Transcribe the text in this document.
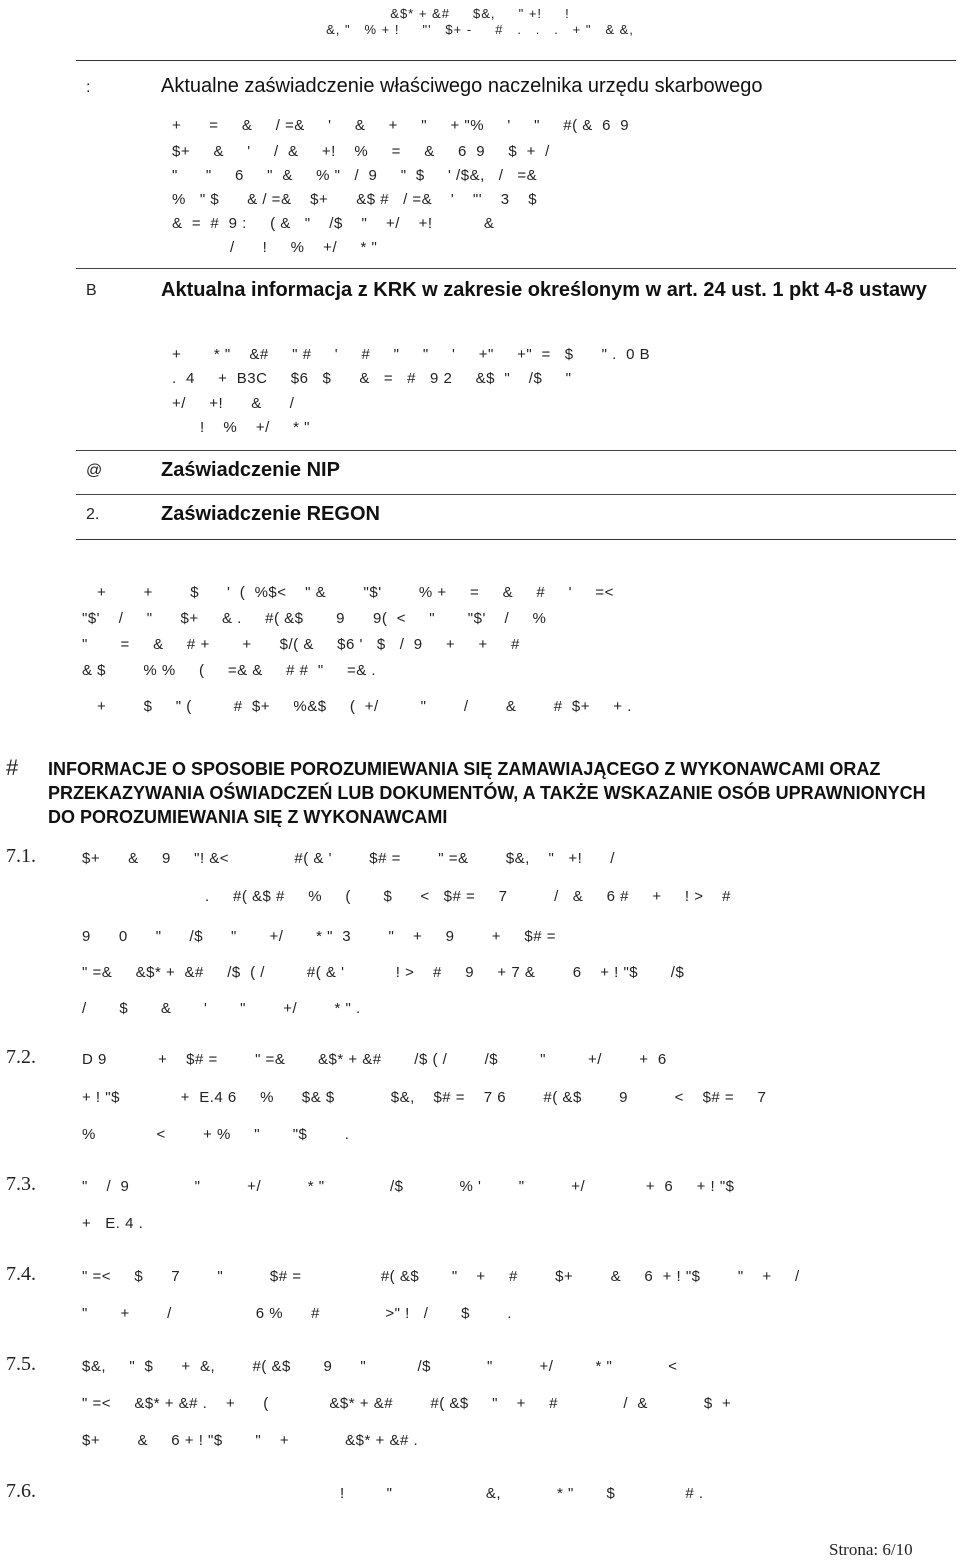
&$* + &#     $&,     " +!     !
&, "   % + !     "'   $+ -     #   .   .   .   + "   & &,
:	Aktualne zaświadczenie właściwego naczelnika urzędu skarbowego
+      =     &     / =&     '     &     +     "     + "%     '     "     #( &  6  9
$+     &     '     /  &     +!    %     =     &     6  9     $  +  /
"      "     6     "  &     % "   /  9     "  $     ' /$&,   /   =&
%   " $      & / =&    $+      &$ #   / =&    '    "'    3    $
&  =  #  9 :     ( &   "    /$    "    +/    +!           &
/      !     %    +/     * "
B	Aktualna informacja z KRK w zakresie określonym w art. 24 ust. 1 pkt 4-8 ustawy
+       * "    &#     " #     '     #     "     "     '     +"     +"  =   $      " .  0 B
.  4     +  B3C     $6   $      &   =   #   9 2     &$  "    /$     "
+/     +!      &      /
!    %    +/     * "
@	Zaświadczenie NIP
2.	Zaświadczenie REGON
+        +        $      '  (  %$<    " &        "$'        % +     =     &     #     '     =<
"$'    /     "      $+     & .     #( &$       9      9(  <     "       "$'    /     %
"       =     &     # +       +      $/( &     $6 '   $   /  9     +     +     #
& $        % %     (     =& &     # #  "     =& .
+        $     " (         #  $+     %&$     (  +/         "        /        &        #  $+     + .
# INFORMACJE O SPOSOBIE POROZUMIEWANIA SIĘ ZAMAWIAJĄCEGO Z WYKONAWCAMI ORAZ PRZEKAZYWANIA OŚWIADCZEŃ LUB DOKUMENTÓW, A TAKŻE WSKAZANIE OSÓB UPRAWNIONYCH DO POROZUMIEWANIA SIĘ Z WYKONAWCAMI
7.1.	$+      &     9     "! &<              #( & '        $# =        " =&        $&,    "   +!      /
.     #( &$ #     %     (       $      <   $# =     7          /   &     6 #     +     ! >    #
9      0      "      /$      "       +/       * "  3        "    +     9        +     $# =
" =&     &$* +  &#     /$  ( /         #( & '           ! >    #     9     + 7 &        6    + ! "$       /$
/       $       &       '       "        +/        * " .
7.2.	D 9           +    $# =        " =&       &$* + &#       /$ ( /        /$         "         +/        +  6
+ ! "$             +  E.4 6     %      $& $            $&,    $# =    7 6        #( &$        9          <    $# =     7
%             <        + %     "       "$        .
7.3.	"    /  9              "          +/          * "              /$            % '        "          +/             +  6     + ! "$
+   E. 4 .
7.4.	" =<     $      7        "          $# =                 #( &$       "    +     #        $+        &     6  + ! "$        "    +     /
"       +        /                  6 %      #              >" !   /       $        .
7.5.	$&,     "  $      +  &,        #( &$       9      "           /$            "          +/         * "            <
" =<     &$* + &# .    +      (             &$* + &#        #( &$     "    +     #              /  &            $  +
$+        &     6 + ! "$       "    +            &$* + &# .
7.6.	!         "                    &,            * "       $               # .
Strona: 6/10
